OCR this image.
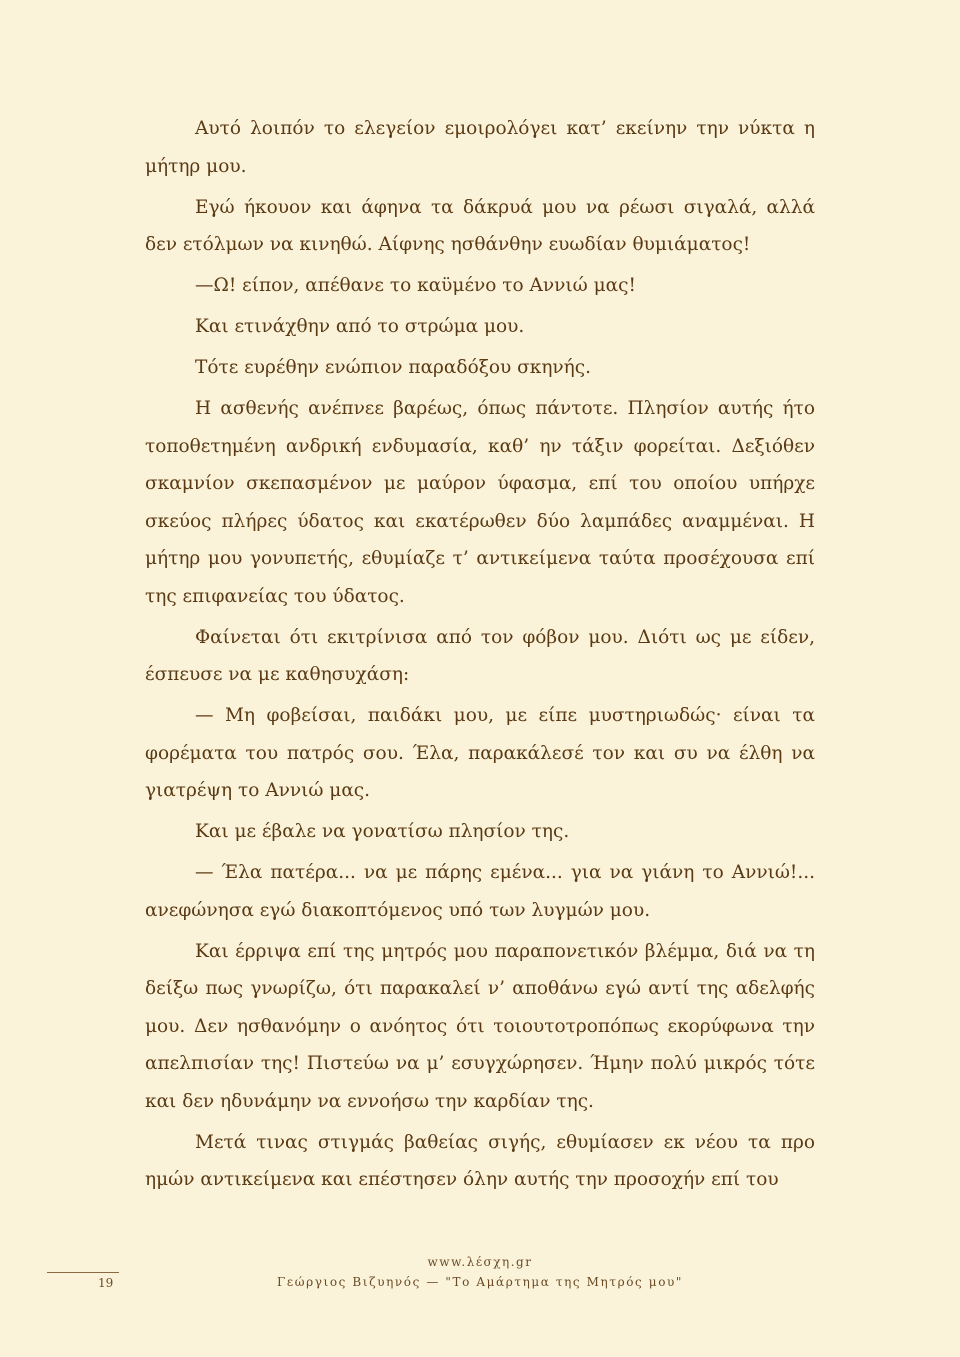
Αυτό λοιπόν το ελεγείον εμοιρολόγει κατ’ εκείνην την νύκτα η μήτηρ μου.

Εγώ ήκουον και άφηνα τα δάκρυά μου να ρέωσι σιγαλά, αλλά δεν ετόλμων να κινηθώ. Αίφνης ησθάνθην ευωδίαν θυμιάματος!

—Ω! είπον, απέθανε το καϋμένο το Αννιώ μας!

Και ετινάχθην από το στρώμα μου.

Τότε ευρέθην ενώπιον παραδόξου σκηνής.

Η ασθενής ανέπνεε βαρέως, όπως πάντοτε. Πλησίον αυτής ήτο τοποθετημένη ανδρική ενδυμασία, καθ’ ην τάξιν φορείται. Δεξιόθεν σκαμνίον σκεπασμένον με μαύρον ύφασμα, επί του οποίου υπήρχε σκεύος πλήρες ύδατος και εκατέρωθεν δύο λαμπάδες αναμμέναι. Η μήτηρ μου γονυπετής, εθυμίαζε τ’ αντικείμενα ταύτα προσέχουσα επί της επιφανείας του ύδατος.

Φαίνεται ότι εκιτρίνισα από τον φόβον μου. Διότι ως με είδεν, έσπευσε να με καθησυχάση:

— Μη φοβείσαι, παιδάκι μου, με είπε μυστηριωδώς· είναι τα φορέματα του πατρός σου. Έλα, παρακάλεσέ τον και συ να έλθη να γιατρέψη το Αννιώ μας.

Και με έβαλε να γονατίσω πλησίον της.

— Έλα πατέρα... να με πάρης εμένα... για να γιάνη το Αννιώ!... ανεφώνησα εγώ διακοπτόμενος υπό των λυγμών μου.

Και έρριψα επί της μητρός μου παραπονετικόν βλέμμα, διά να τη δείξω πως γνωρίζω, ότι παρακαλεί ν’ αποθάνω εγώ αντί της αδελφής μου. Δεν ησθανόμην ο ανόητος ότι τοιουτοτροπόπως εκορύφωνα την απελπισίαν της! Πιστεύω να μ’ εσυγχώρησεν. Ήμην πολύ μικρός τότε και δεν ηδυνάμην να εννοήσω την καρδίαν της.

Μετά τινας στιγμάς βαθείας σιγής, εθυμίασεν εκ νέου τα προ ημών αντικείμενα και επέστησεν όλην αυτής την προσοχήν επί του

www.λέσχη.gr
Γεώργιος Βιζυηνός — "Το Αμάρτημα της Μητρός μου"
19
